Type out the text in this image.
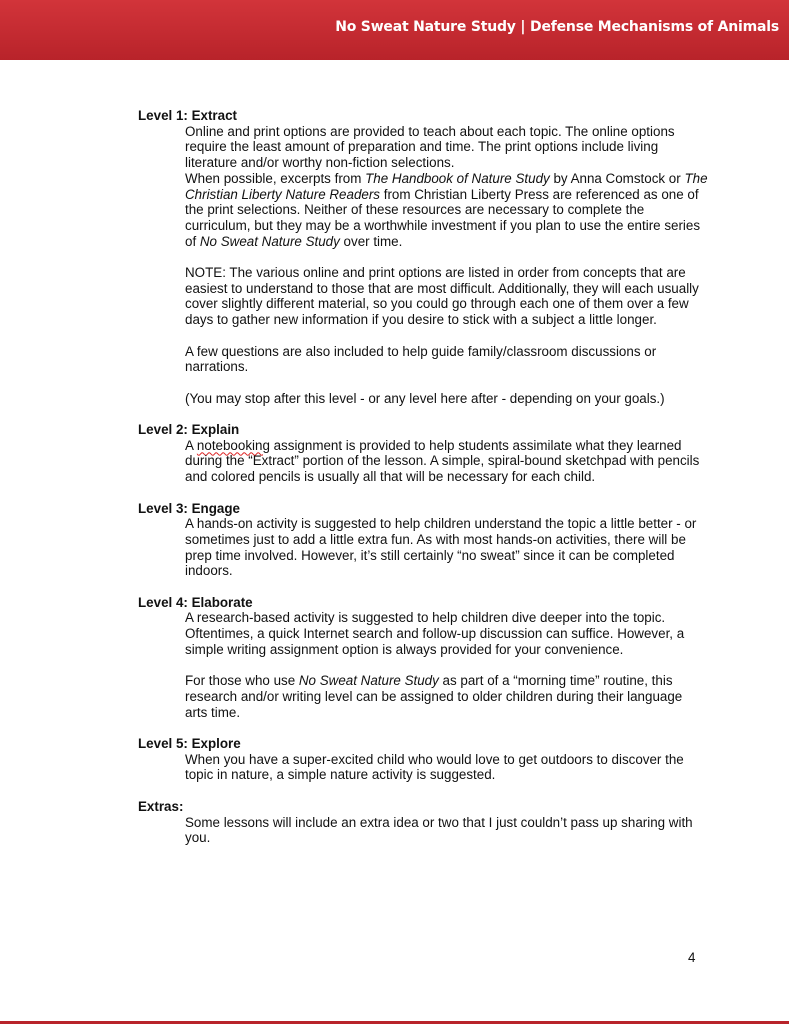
No Sweat Nature Study | Defense Mechanisms of Animals
Level 1: Extract

Online and print options are provided to teach about each topic. The online options require the least amount of preparation and time. The print options include living literature and/or worthy non-fiction selections.

When possible, excerpts from The Handbook of Nature Study by Anna Comstock or The Christian Liberty Nature Readers from Christian Liberty Press are referenced as one of the print selections. Neither of these resources are necessary to complete the curriculum, but they may be a worthwhile investment if you plan to use the entire series of No Sweat Nature Study over time.

NOTE: The various online and print options are listed in order from concepts that are easiest to understand to those that are most difficult. Additionally, they will each usually cover slightly different material, so you could go through each one of them over a few days to gather new information if you desire to stick with a subject a little longer.

A few questions are also included to help guide family/classroom discussions or narrations.

(You may stop after this level - or any level here after - depending on your goals.)

Level 2: Explain

A notebooking assignment is provided to help students assimilate what they learned during the “Extract” portion of the lesson. A simple, spiral-bound sketchpad with pencils and colored pencils is usually all that will be necessary for each child.

Level 3: Engage

A hands-on activity is suggested to help children understand the topic a little better - or sometimes just to add a little extra fun. As with most hands-on activities, there will be prep time involved. However, it’s still certainly “no sweat” since it can be completed indoors.

Level 4: Elaborate

A research-based activity is suggested to help children dive deeper into the topic. Oftentimes, a quick Internet search and follow-up discussion can suffice. However, a simple writing assignment option is always provided for your convenience.

For those who use No Sweat Nature Study as part of a “morning time” routine, this research and/or writing level can be assigned to older children during their language arts time.

Level 5: Explore

When you have a super-excited child who would love to get outdoors to discover the topic in nature, a simple nature activity is suggested.

Extras:

Some lessons will include an extra idea or two that I just couldn’t pass up sharing with you.

4
